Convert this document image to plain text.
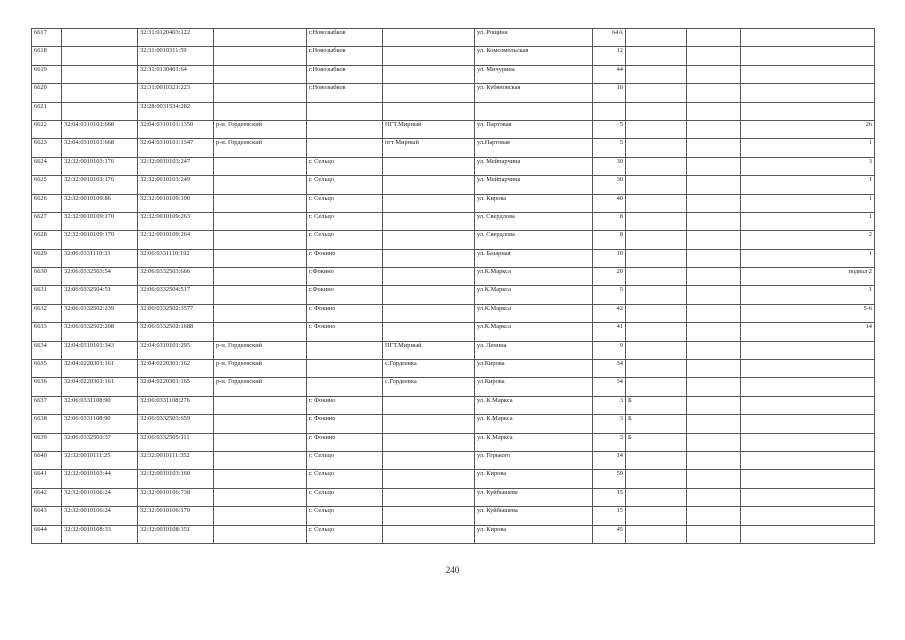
6617		32:31:0120403:122		г.Новозыбков		ул. Рощина	64А			
6618		32:31:0010311:59		г.Новозыбков		ул. Комсомольская	12			
6619		32:31:0130401:64		г.Новозыбков		ул. Мичурина	44			
6620		32:31:0010321:223		г.Новозыбков		ул. Кубяновская	10			
6621		32:28:0031534:282								
6622	32:04:0310101:668	32:04:0310101:1350	р-н. Гордеевский		ПГТ.Мирный	ул. Партовая	5			26
6623	32:04:0310101:668	32:04:0310101:1347	р-н. Гордеевский		пгт Мирный	ул.Партовая	5			1
6624	32:32:0010103:176	32:32:0010103:247		г. Сельцо		ул. Мейпарчина	30			3
6625	32:32:0010103:176	32:32:0010103:249		г. Сельцо		ул. Мейпарчина	30			1
6626	32:32:0010109:86	32:32:0010109:190		г. Сельцо		ул. Кирова	40			1
6627	32:32:0010109:170	32:32:0010109:263		г. Сельцо		ул. Свердлова	8			1
6628	32:32:0010109:170	32:32:0010109:264		г. Сельцо		ул. Свердлова	8			2
6629	32:06:0331110:33	32:06:0331110:192		г. Фокино		ул. Базарная	10			1
6630	32:06:0332503:54	32:06:0332503:666		г.Фокино		ул.К.Маркса	20			подвал 2
6631	32:06:0332504:51	32:06:0332504:517		г.Фокино		ул.К.Маркса	5			1
6632	32:06:0332502:239	32:06:0332502:3577		г. Фокино		ул.К.Маркса	42			5-6
6633	32:06:0332502:208	32:06:0332502:1688		г. Фокино		ул.К.Маркса	41			14
6634	32:04:0310101:343	32:04:0310101:295	р-н. Гордеевский		ПГТ.Мирный	ул. Ленина	9			
6635	32:04:0220301:161	32:04:0220301:162	р-н. Гордеевский		с.Гордеевка	ул.Кирова	34			
6636	32:04:0220301:161	32:04:0220301:165	р-н. Гордеевский		с.Гордеевка	ул.Кирова	34			
6637	32:06:0331108:90	32:06:0331108:276		г. Фокино		ул. К.Маркса	3	Б		
6638	32:06:0331108:90	32:06:0332503:659		г. Фокино		ул. К.Маркса	3	Б		
6639	32:06:0332503:37	32:06:0332505:111		г. Фокино		ул. К.Маркса	3	Б		
6640	32:32:0010111:25	32:32:0010111:352		г. Сельцо		ул. Горького	14			
6641	32:32:0010103:44	32:32:0010103:160		г. Сельцо		ул. Кирова	59			
6642	32:32:0010106:24	32:32:0010106:738		г. Сельцо		ул. Куйбышева	15			
6643	32:32:0010106:24	32:32:0010106:179		г. Сельцо		ул. Куйбышева	15			
6644	32:32:0010108:33	32:32:0010108:351		г. Сельцо		ул. Кирова	45			
240
